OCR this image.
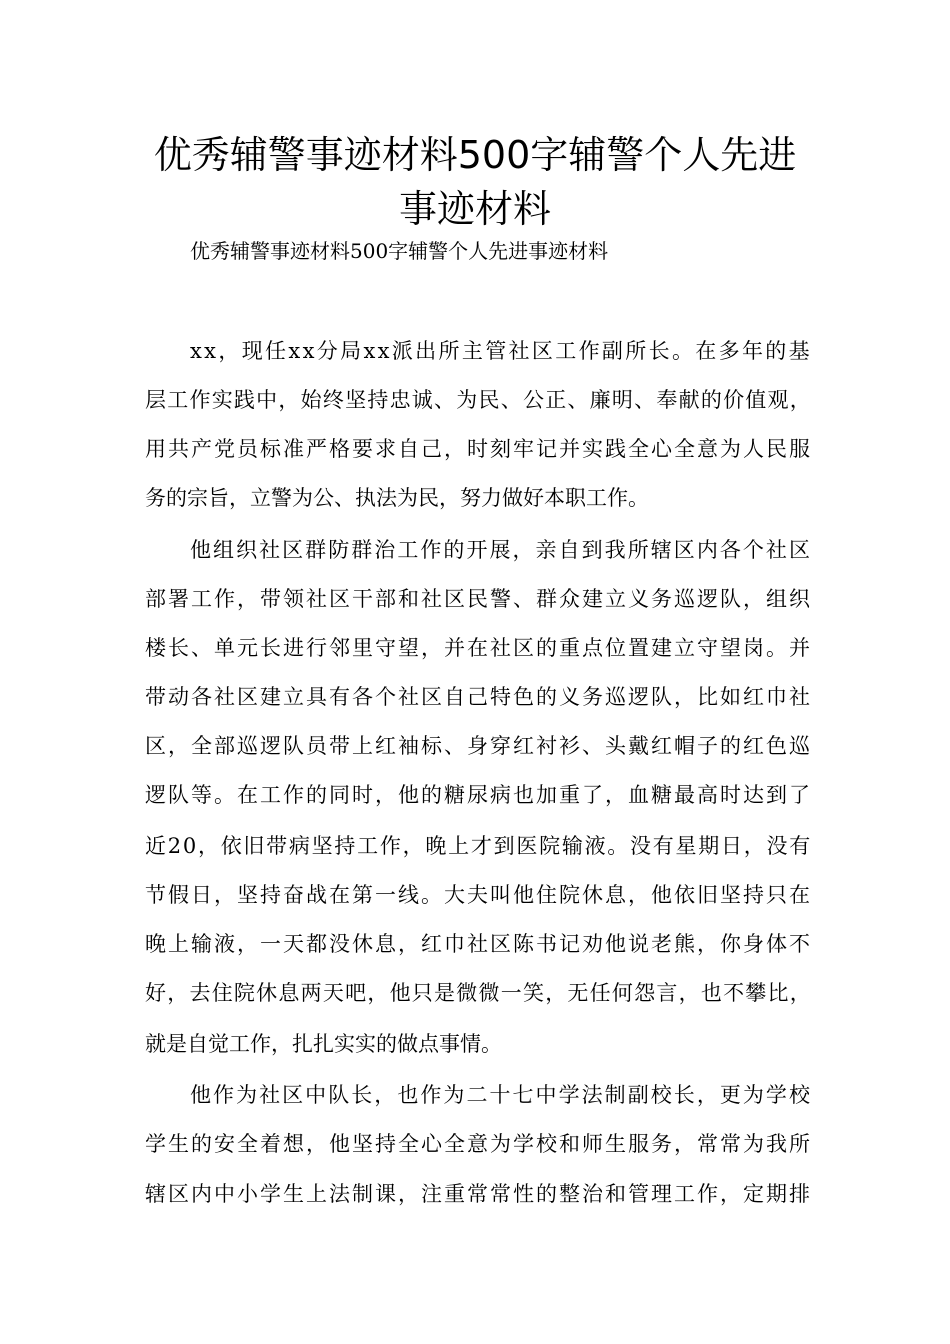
优秀辅警事迹材料500字辅警个人先进
事迹材料

优秀辅警事迹材料500字辅警个人先进事迹材料

xx，现任xx分局xx派出所主管社区工作副所长。在多年的基

层工作实践中，始终坚持忠诚、为民、公正、廉明、奉献的价值观，

用共产党员标准严格要求自己，时刻牢记并实践全心全意为人民服

务的宗旨，立警为公、执法为民，努力做好本职工作。

他组织社区群防群治工作的开展，亲自到我所辖区内各个社区

部署工作，带领社区干部和社区民警、群众建立义务巡逻队，组织

楼长、单元长进行邻里守望，并在社区的重点位置建立守望岗。并

带动各社区建立具有各个社区自己特色的义务巡逻队，比如红巾社

区，全部巡逻队员带上红袖标、身穿红衬衫、头戴红帽子的红色巡

逻队等。在工作的同时，他的糖尿病也加重了，血糖最高时达到了

近20，依旧带病坚持工作，晚上才到医院输液。没有星期日，没有

节假日，坚持奋战在第一线。大夫叫他住院休息，他依旧坚持只在

晚上输液，一天都没休息，红巾社区陈书记劝他说老熊，你身体不

好，去住院休息两天吧，他只是微微一笑，无任何怨言，也不攀比，

就是自觉工作，扎扎实实的做点事情。

他作为社区中队长，也作为二十七中学法制副校长，更为学校

学生的安全着想，他坚持全心全意为学校和师生服务，常常为我所

辖区内中小学生上法制课，注重常常性的整治和管理工作，定期排
